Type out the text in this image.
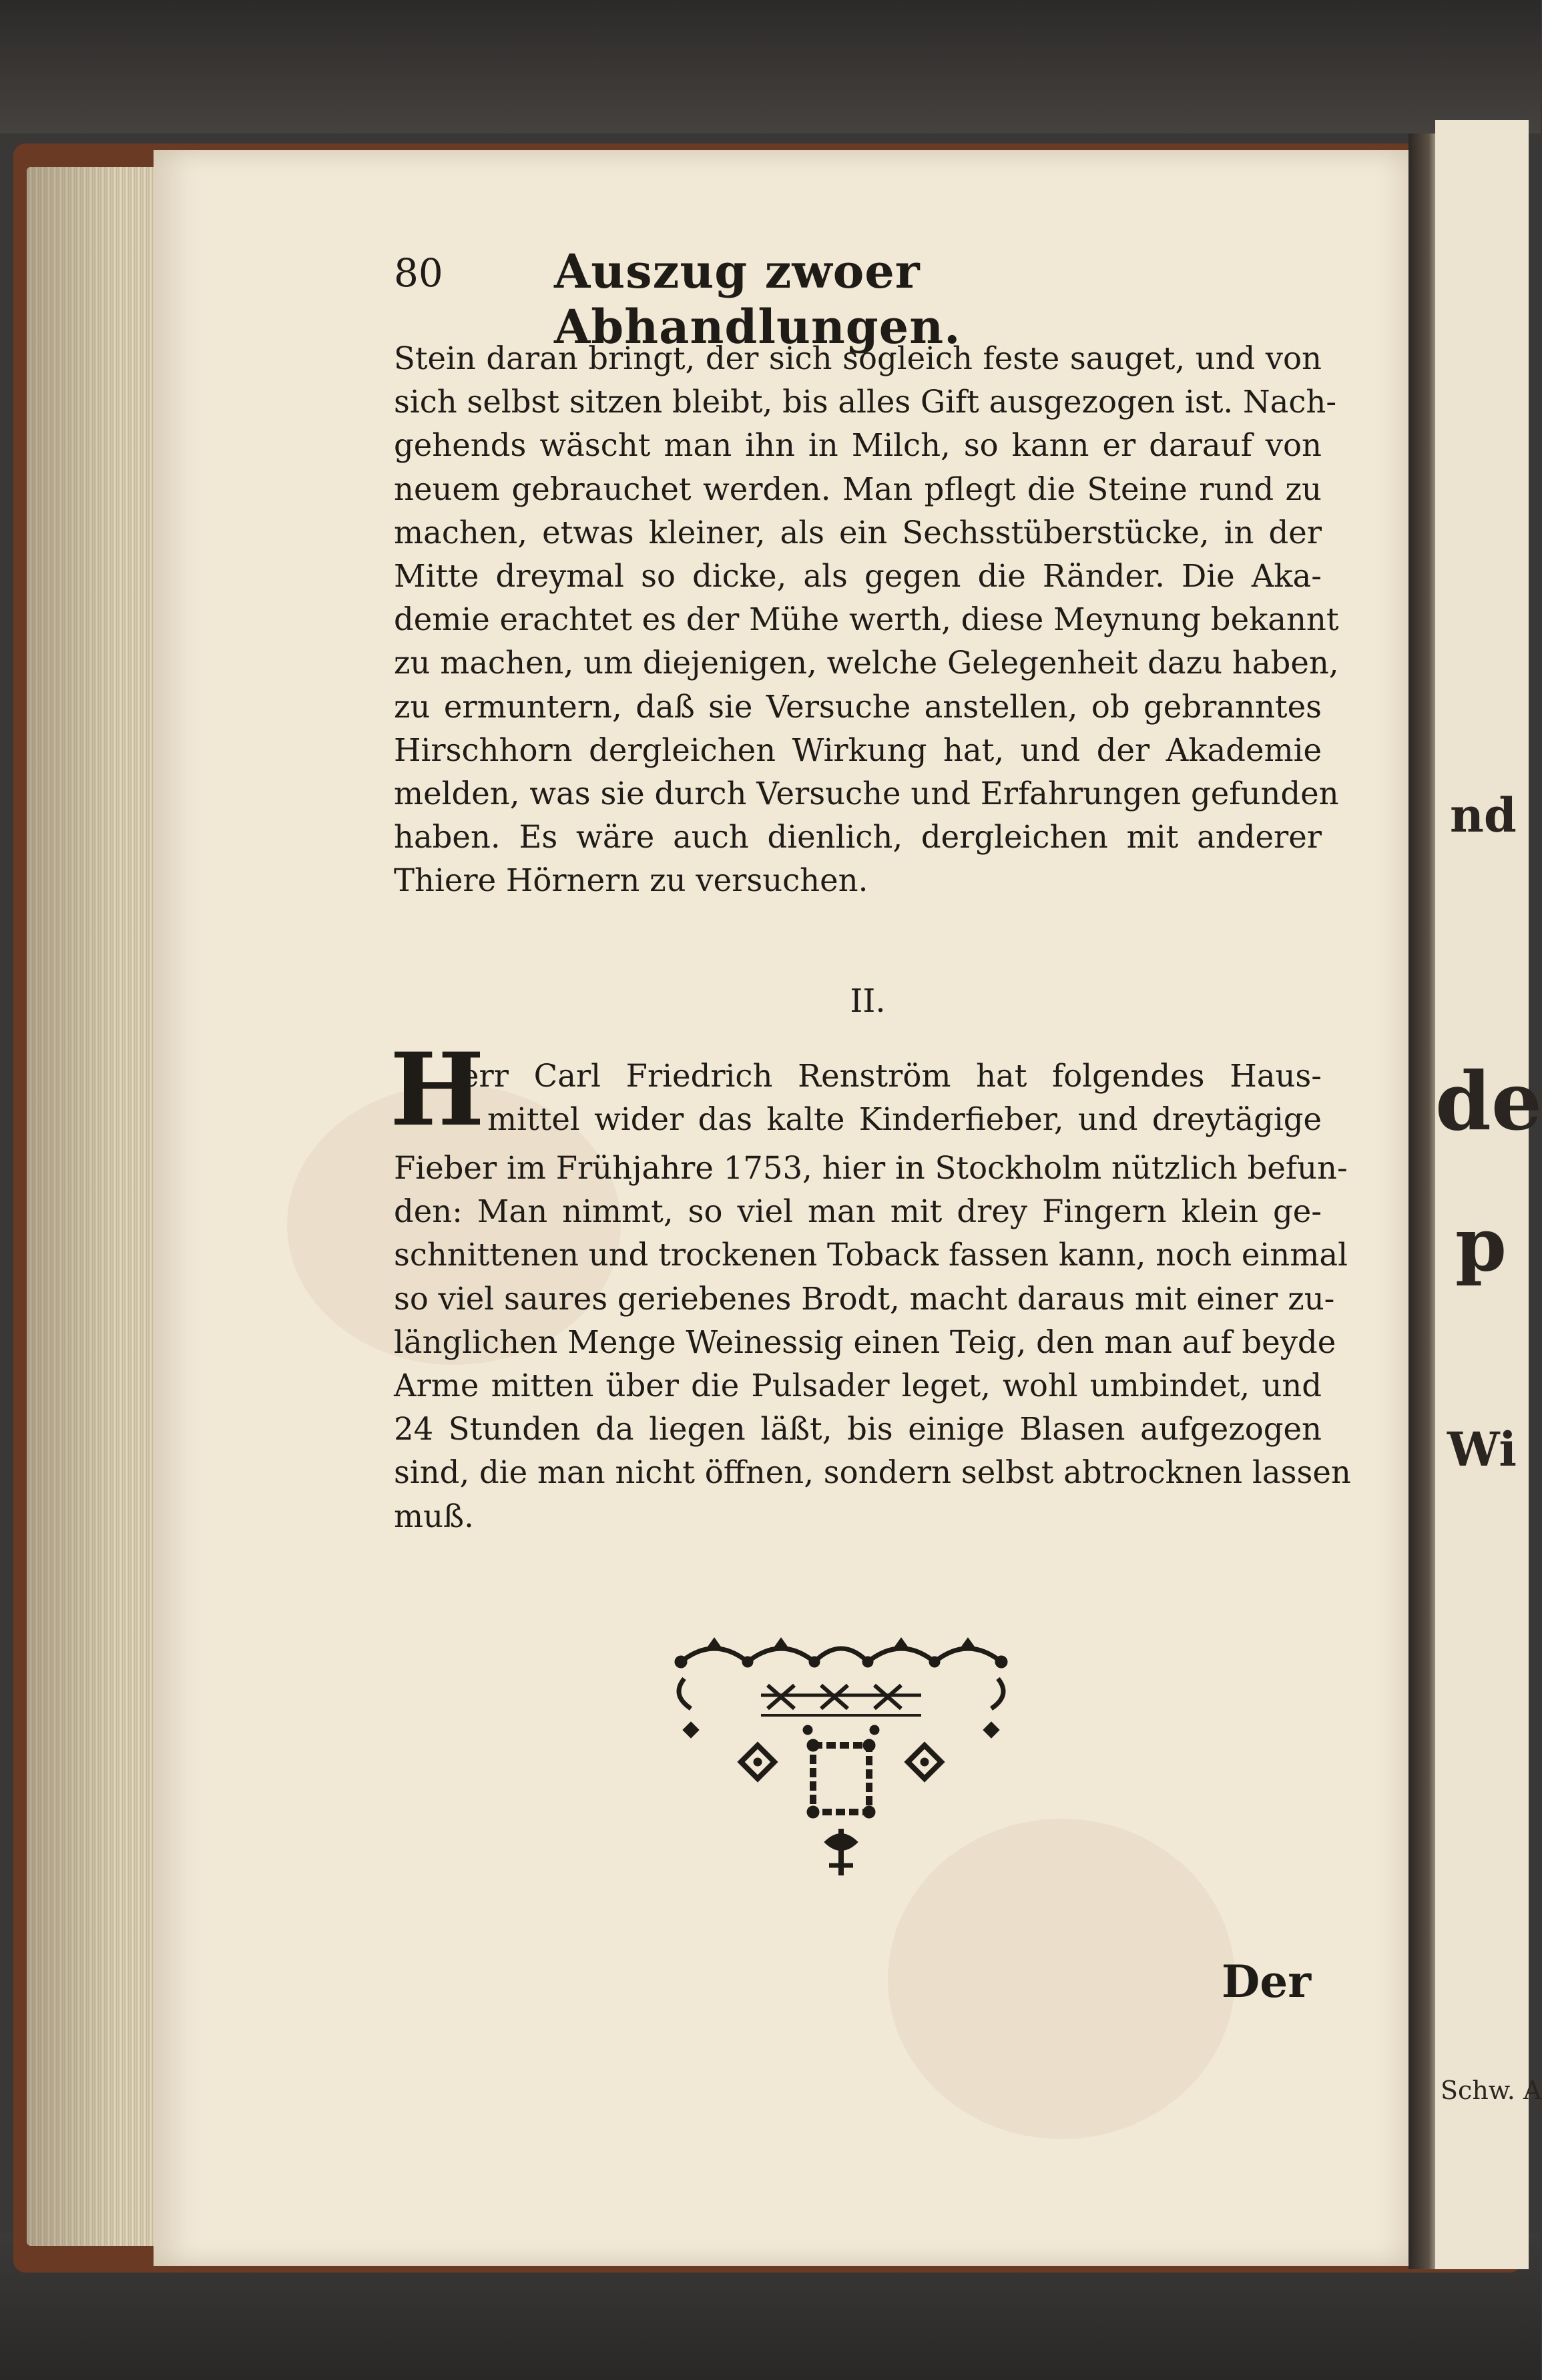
nd
de
p
Wi
Schw. A
80 Auszug zwoer Abhandlungen.
Stein daran bringt, der sich sogleich feste sauget, und von
sich selbst sitzen bleibt, bis alles Gift ausgezogen ist. Nach-
gehends wäscht man ihn in Milch, so kann er darauf von
neuem gebrauchet werden. Man pflegt die Steine rund zu
machen, etwas kleiner, als ein Sechsstüberstücke, in der
Mitte dreymal so dicke, als gegen die Ränder. Die Aka-
demie erachtet es der Mühe werth, diese Meynung bekannt
zu machen, um diejenigen, welche Gelegenheit dazu haben,
zu ermuntern, daß sie Versuche anstellen, ob gebranntes
Hirschhorn dergleichen Wirkung hat, und der Akademie
melden, was sie durch Versuche und Erfahrungen gefunden
haben. Es wäre auch dienlich, dergleichen mit anderer
Thiere Hörnern zu versuchen.
II.
H
err Carl Friedrich Renström hat folgendes Haus-
mittel wider das kalte Kinderfieber, und dreytägige
Fieber im Frühjahre 1753, hier in Stockholm nützlich befun-
den: Man nimmt, so viel man mit drey Fingern klein ge-
schnittenen und trockenen Toback fassen kann, noch einmal
so viel saures geriebenes Brodt, macht daraus mit einer zu-
länglichen Menge Weinessig einen Teig, den man auf beyde
Arme mitten über die Pulsader leget, wohl umbindet, und
24 Stunden da liegen läßt, bis einige Blasen aufgezogen
sind, die man nicht öffnen, sondern selbst abtrocknen lassen
muß.
Der
